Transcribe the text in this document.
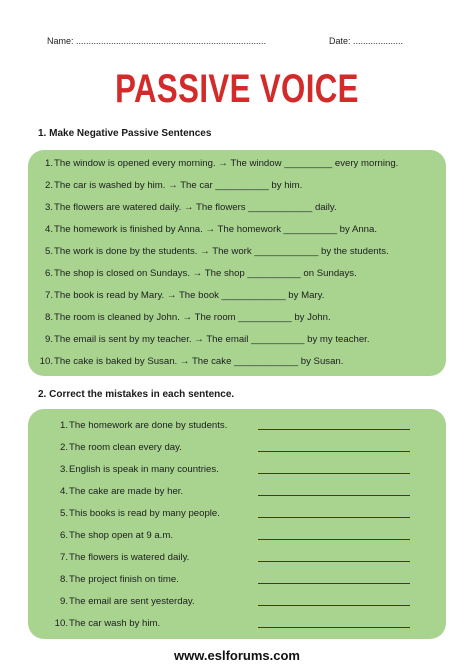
Name: ............................................................................	Date: ....................
PASSIVE VOICE
1. Make Negative Passive Sentences
1. The window is opened every morning. → The window _________ every morning.
2. The car is washed by him. → The car __________ by him.
3. The flowers are watered daily. → The flowers ____________ daily.
4. The homework is finished by Anna. → The homework __________ by Anna.
5. The work is done by the students. → The work ____________ by the students.
6. The shop is closed on Sundays. → The shop __________ on Sundays.
7. The book is read by Mary. → The book ____________ by Mary.
8. The room is cleaned by John. → The room __________ by John.
9. The email is sent by my teacher. → The email __________ by my teacher.
10. The cake is baked by Susan. → The cake ____________ by Susan.
2. Correct the mistakes in each sentence.
1. The homework are done by students.
2. The room clean every day.
3. English is speak in many countries.
4. The cake are made by her.
5. This books is read by many people.
6. The shop open at 9 a.m.
7. The flowers is watered daily.
8. The project finish on time.
9. The email are sent yesterday.
10. The car wash by him.
www.eslforums.com
